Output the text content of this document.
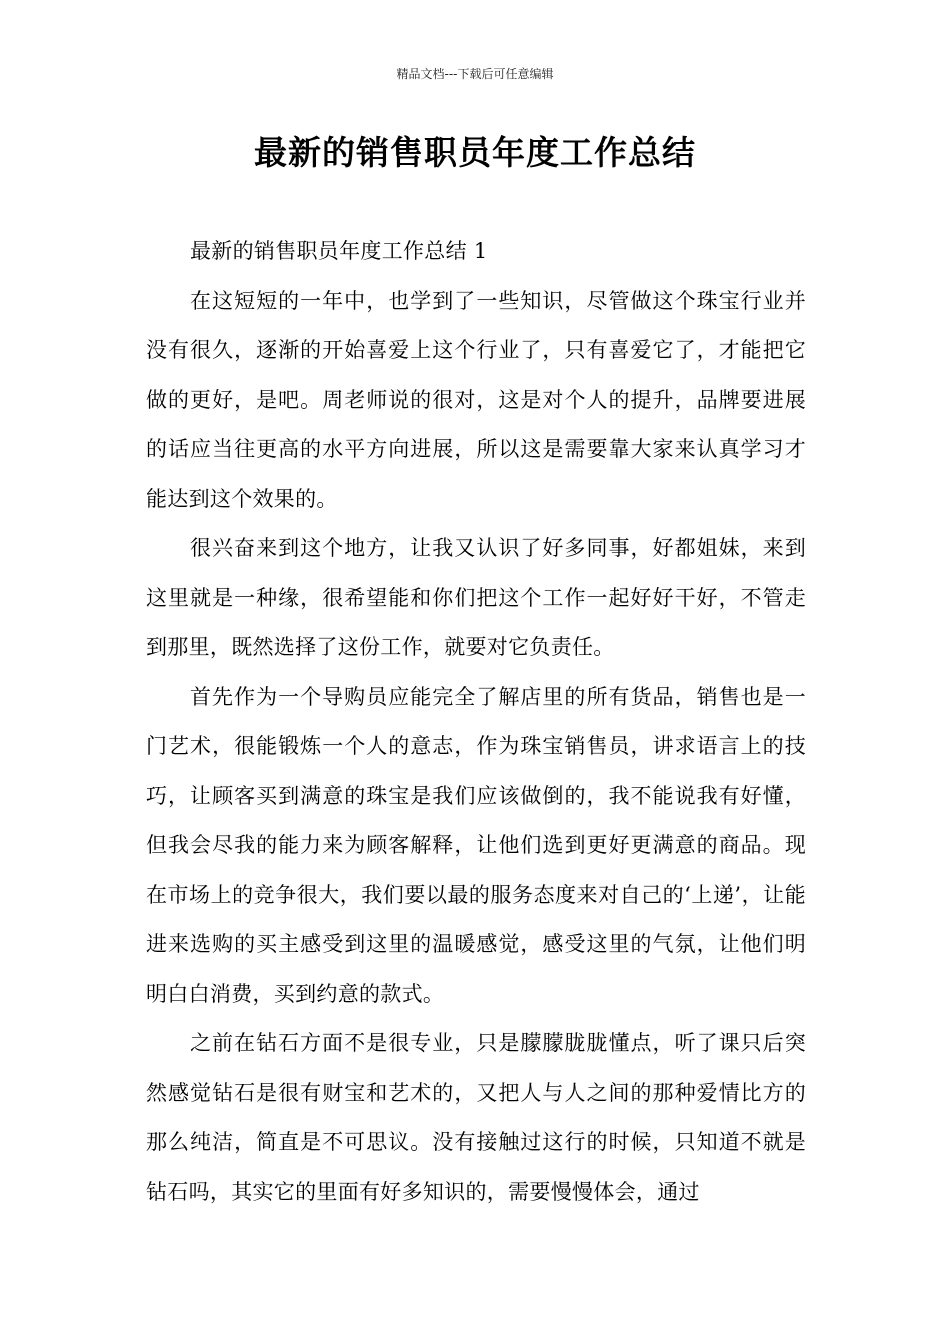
精品文档---下载后可任意编辑
最新的销售职员年度工作总结

最新的销售职员年度工作总结 1

在这短短的一年中，也学到了一些知识，尽管做这个珠宝行业并没有很久，逐渐的开始喜爱上这个行业了，只有喜爱它了，才能把它做的更好，是吧。周老师说的很对，这是对个人的提升，品牌要进展的话应当往更高的水平方向进展，所以这是需要靠大家来认真学习才能达到这个效果的。

很兴奋来到这个地方，让我又认识了好多同事，好都姐妹，来到这里就是一种缘，很希望能和你们把这个工作一起好好干好，不管走到那里，既然选择了这份工作，就要对它负责任。

首先作为一个导购员应能完全了解店里的所有货品，销售也是一门艺术，很能锻炼一个人的意志，作为珠宝销售员，讲求语言上的技巧，让顾客买到满意的珠宝是我们应该做倒的，我不能说我有好懂，但我会尽我的能力来为顾客解释，让他们选到更好更满意的商品。现在市场上的竞争很大，我们要以最的服务态度来对自己的‘上递’，让能进来选购的买主感受到这里的温暖感觉，感受这里的气氛，让他们明明白白消费，买到约意的款式。

之前在钻石方面不是很专业，只是朦朦胧胧懂点，听了课只后突然感觉钻石是很有财宝和艺术的，又把人与人之间的那种爱情比方的那么纯洁，简直是不可思议。没有接触过这行的时候，只知道不就是钻石吗，其实它的里面有好多知识的，需要慢慢体会，通过
